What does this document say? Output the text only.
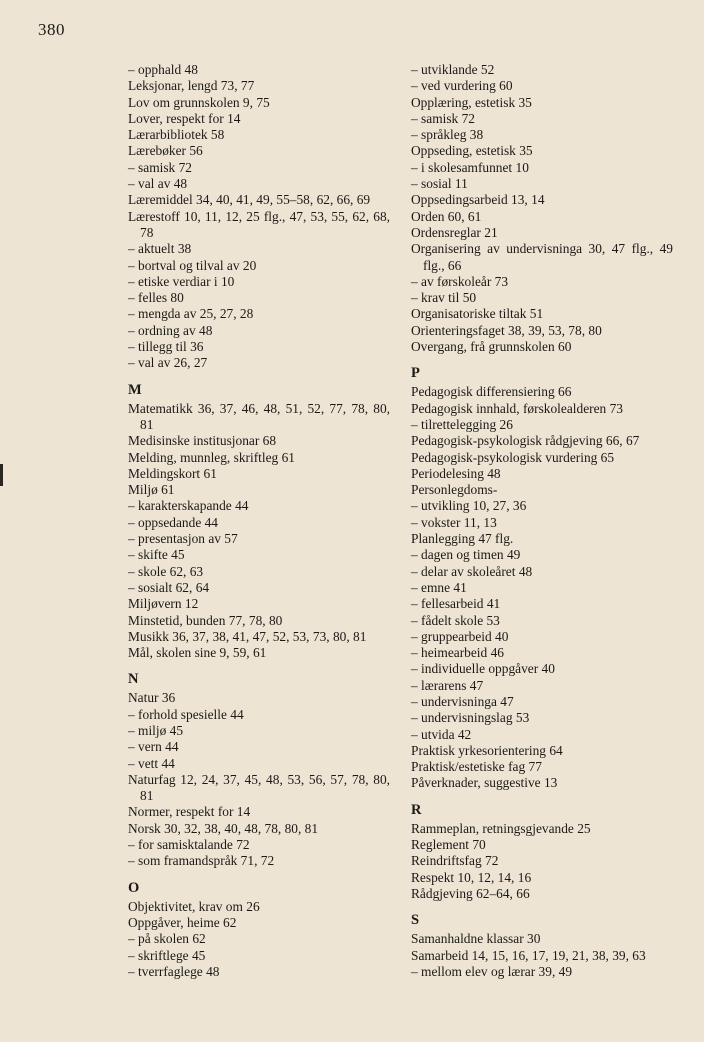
380
– opphald 48
Leksjonar, lengd 73, 77
Lov om grunnskolen 9, 75
Lover, respekt for 14
Lærarbibliotek 58
Lærebøker 56
– samisk 72
– val av 48
Læremiddel 34, 40, 41, 49, 55–58, 62, 66, 69
Lærestoff 10, 11, 12, 25 flg., 47, 53, 55, 62, 68, 78
– aktuelt 38
– bortval og tilval av 20
– etiske verdiar i 10
– felles 80
– mengda av 25, 27, 28
– ordning av 48
– tillegg til 36
– val av 26, 27
M
Matematikk 36, 37, 46, 48, 51, 52, 77, 78, 80, 81
Medisinske institusjonar 68
Melding, munnleg, skriftleg 61
Meldingskort 61
Miljø 61
– karakterskapande 44
– oppsedande 44
– presentasjon av 57
– skifte 45
– skole 62, 63
– sosialt 62, 64
Miljøvern 12
Minstetid, bunden 77, 78, 80
Musikk 36, 37, 38, 41, 47, 52, 53, 73, 80, 81
Mål, skolen sine 9, 59, 61
N
Natur 36
– forhold spesielle 44
– miljø 45
– vern 44
– vett 44
Naturfag 12, 24, 37, 45, 48, 53, 56, 57, 78, 80, 81
Normer, respekt for 14
Norsk 30, 32, 38, 40, 48, 78, 80, 81
– for samisktalande 72
– som framandspråk 71, 72
O
Objektivitet, krav om 26
Oppgåver, heime 62
– på skolen 62
– skriftlege 45
– tverrfaglege 48
– utviklande 52
– ved vurdering 60
Opplæring, estetisk 35
– samisk 72
– språkleg 38
Oppseding, estetisk 35
– i skolesamfunnet 10
– sosial 11
Oppsedingsarbeid 13, 14
Orden 60, 61
Ordensreglar 21
Organisering av undervisninga 30, 47 flg., 49 flg., 66
– av førskoleår 73
– krav til 50
Organisatoriske tiltak 51
Orienteringsfaget 38, 39, 53, 78, 80
Overgang, frå grunnskolen 60
P
Pedagogisk differensiering 66
Pedagogisk innhald, førskolealderen 73
– tilrettelegging 26
Pedagogisk-psykologisk rådgjeving 66, 67
Pedagogisk-psykologisk vurdering 65
Periodelesing 48
Personlegdoms-
– utvikling 10, 27, 36
– vokster 11, 13
Planlegging 47 flg.
– dagen og timen 49
– delar av skoleåret 48
– emne 41
– fellesarbeid 41
– fådelt skole 53
– gruppearbeid 40
– heimearbeid 46
– individuelle oppgåver 40
– lærarens 47
– undervisninga 47
– undervisningslag 53
– utvida 42
Praktisk yrkesorientering 64
Praktisk/estetiske fag 77
Påverknader, suggestive 13
R
Rammeplan, retningsgjevande 25
Reglement 70
Reindriftsfag 72
Respekt 10, 12, 14, 16
Rådgjeving 62–64, 66
S
Samanhaldne klassar 30
Samarbeid 14, 15, 16, 17, 19, 21, 38, 39, 63
– mellom elev og lærar 39, 49
